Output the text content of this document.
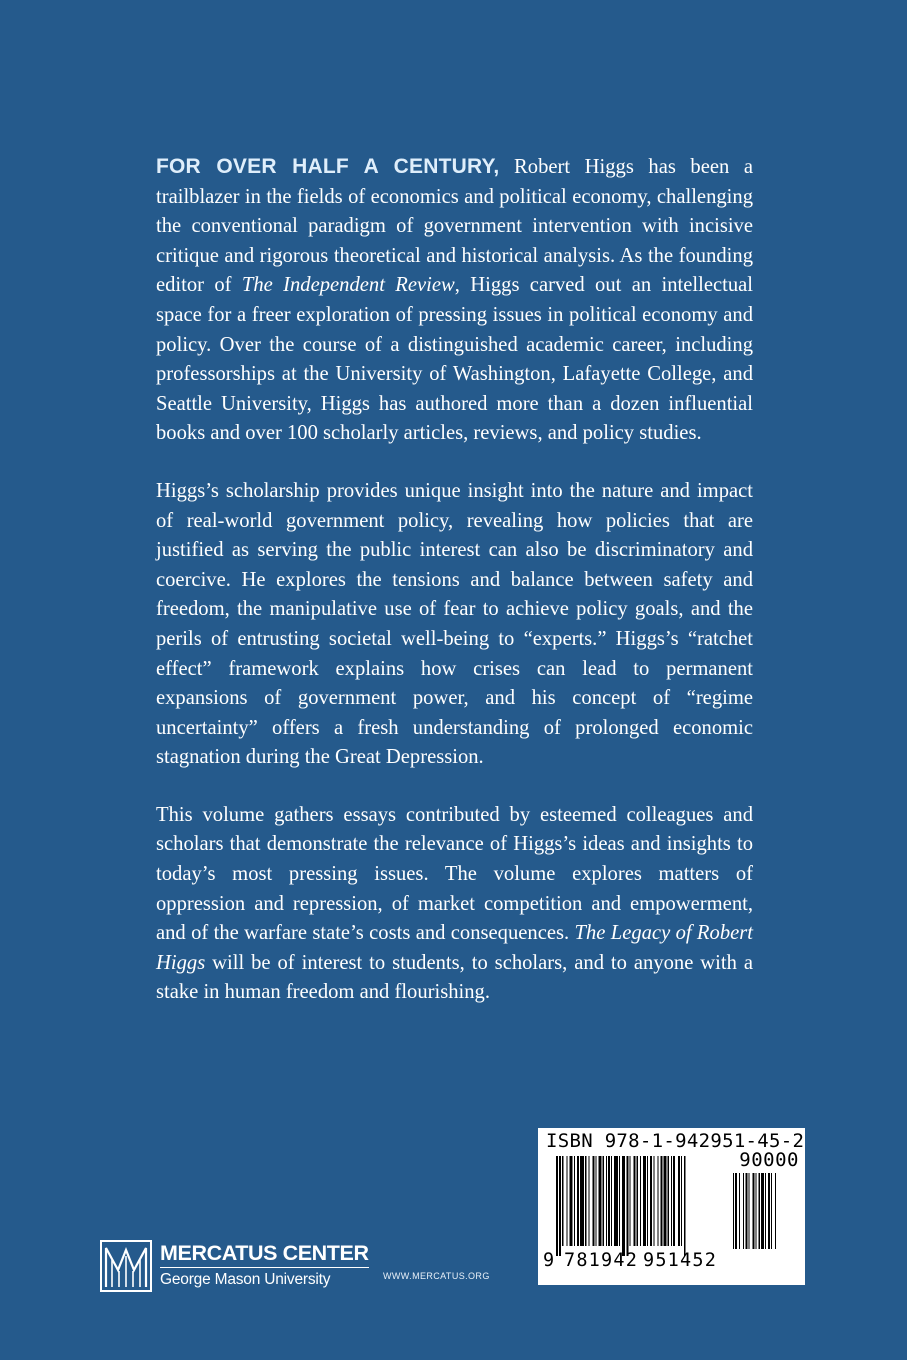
FOR OVER HALF A CENTURY, Robert Higgs has been a trailblazer in the fields of economics and political economy, challenging the conventional paradigm of government intervention with incisive critique and rigorous theoretical and historical analysis. As the founding editor of The Independent Review, Higgs carved out an intellectual space for a freer exploration of pressing issues in political economy and policy. Over the course of a distinguished academic career, including professorships at the University of Washington, Lafayette College, and Seattle University, Higgs has authored more than a dozen influential books and over 100 scholarly articles, reviews, and policy studies.

Higgs’s scholarship provides unique insight into the nature and impact of real-world government policy, revealing how policies that are justified as serving the public interest can also be discriminatory and coercive. He explores the tensions and balance between safety and freedom, the manipulative use of fear to achieve policy goals, and the perils of entrusting societal well-being to “experts.” Higgs’s “ratchet effect” framework explains how crises can lead to permanent expansions of government power, and his concept of “regime uncertainty” offers a fresh understanding of prolonged economic stagnation during the Great Depression.

This volume gathers essays contributed by esteemed colleagues and scholars that demonstrate the relevance of Higgs’s ideas and insights to today’s most pressing issues. The volume explores matters of oppression and repression, of market competition and empowerment, and of the warfare state’s costs and consequences. The Legacy of Robert Higgs will be of interest to students, to scholars, and to anyone with a stake in human freedom and flourishing.

MERCATUS CENTER
George Mason University	WWW.MERCATUS.ORG
ISBN 978-1-942951-45-2
90000
9 781942 951452
